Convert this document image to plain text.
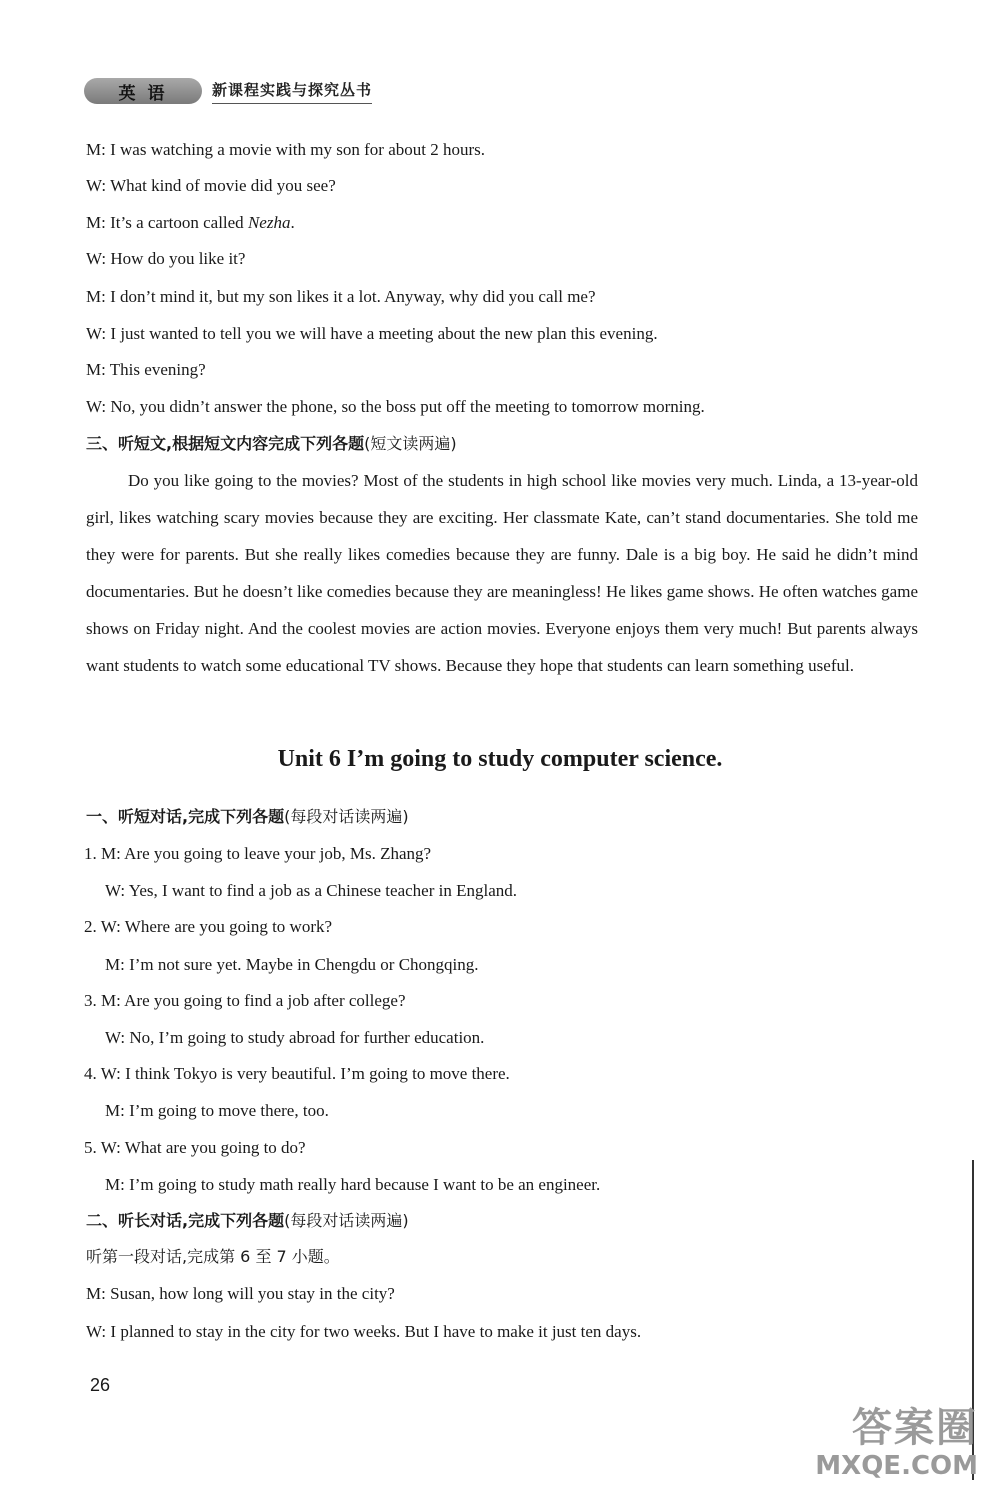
英 语	新课程实践与探究丛书
M: I was watching a movie with my son for about 2 hours.
W: What kind of movie did you see?
M: It’s a cartoon called Nezha.
W: How do you like it?
M: I don’t mind it, but my son likes it a lot. Anyway, why did you call me?
W: I just wanted to tell you we will have a meeting about the new plan this evening.
M: This evening?
W: No, you didn’t answer the phone, so the boss put off the meeting to tomorrow morning.
三、听短文,根据短文内容完成下列各题(短文读两遍)
Do you like going to the movies? Most of the students in high school like movies very much. Linda, a 13-year-old girl, likes watching scary movies because they are exciting. Her classmate Kate, can’t stand documentaries. She told me they were for parents. But she really likes comedies because they are funny. Dale is a big boy. He said he didn’t mind documentaries. But he doesn’t like comedies because they are meaningless! He likes game shows. He often watches game shows on Friday night. And the coolest movies are action movies. Everyone enjoys them very much! But parents always want students to watch some educational TV shows. Because they hope that students can learn something useful.
Unit 6 I’m going to study computer science.
一、听短对话,完成下列各题(每段对话读两遍)
1. M: Are you going to leave your job, Ms. Zhang?
W: Yes, I want to find a job as a Chinese teacher in England.
2. W: Where are you going to work?
M: I’m not sure yet. Maybe in Chengdu or Chongqing.
3. M: Are you going to find a job after college?
W: No, I’m going to study abroad for further education.
4. W: I think Tokyo is very beautiful. I’m going to move there.
M: I’m going to move there, too.
5. W: What are you going to do?
M: I’m going to study math really hard because I want to be an engineer.
二、听长对话,完成下列各题(每段对话读两遍)
听第一段对话,完成第 6 至 7 小题。
M: Susan, how long will you stay in the city?
W: I planned to stay in the city for two weeks. But I have to make it just ten days.
26
答案圈
MXQE.COM
